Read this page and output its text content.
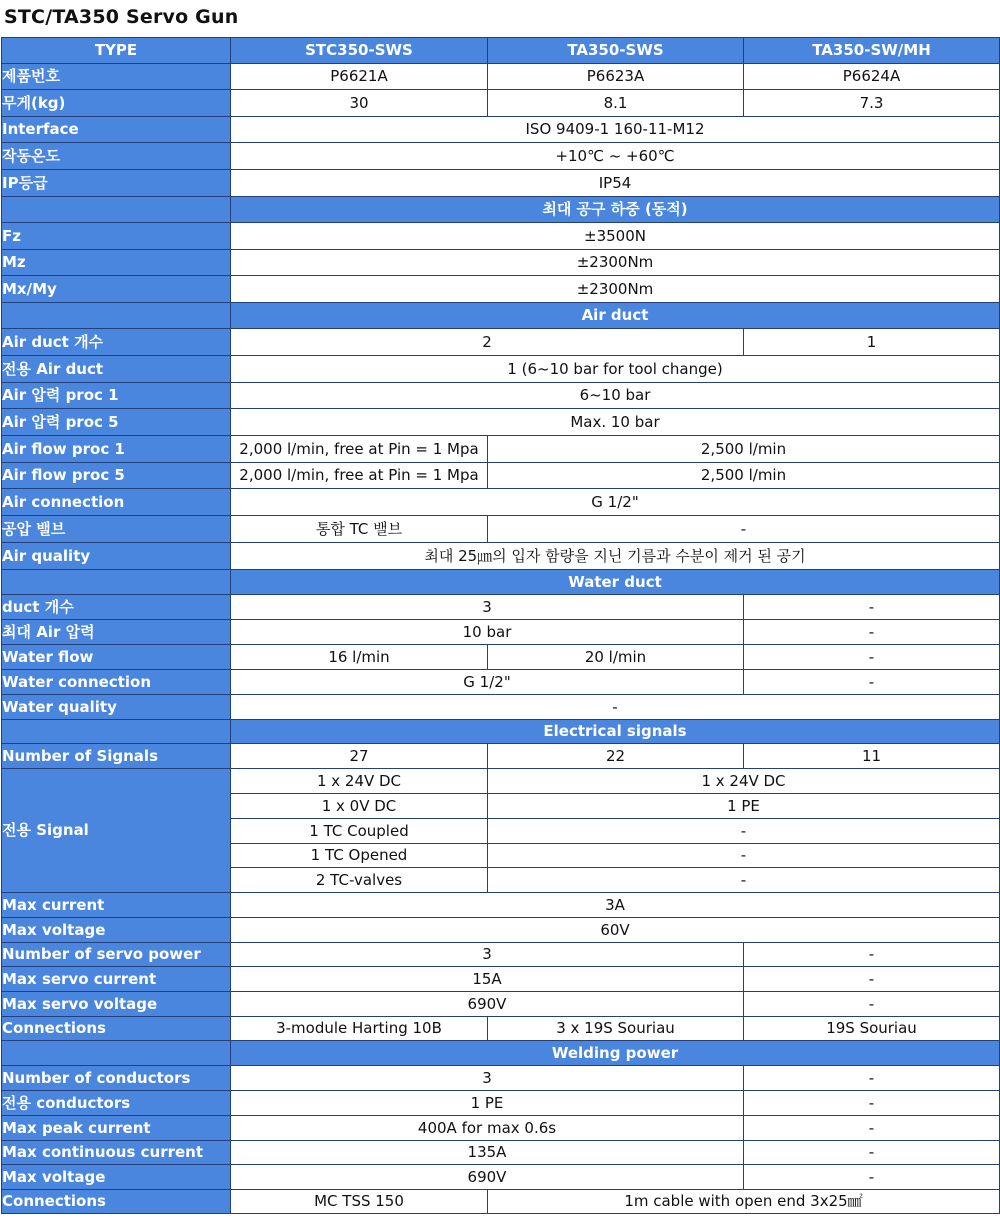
STC/TA350 Servo Gun
TYPE	STC350-SWS	TA350-SWS	TA350-SW/MH
제품번호	P6621A	P6623A	P6624A
무게(kg)	30	8.1	7.3
Interface	ISO 9409-1 160-11-M12		
작동온도	+10℃ ~ +60℃		
IP등급	IP54		
	최대 공구 하중 (동적)		
Fz	±3500N		
Mz	±2300Nm		
Mx/My	±2300Nm		
	Air duct		
Air duct 개수	2		1
전용 Air duct	1 (6~10 bar for tool change)		
Air 압력 proc 1	6~10 bar		
Air 압력 proc 5	Max. 10 bar		
Air flow proc 1	2,000 l/min, free at Pin = 1 Mpa	2,500 l/min	
Air flow proc 5	2,000 l/min, free at Pin = 1 Mpa	2,500 l/min	
Air connection	G 1/2"		
공압 밸브	통합 TC 밸브	-	
Air quality	최대 25㎛의 입자 함량을 지닌 기름과 수분이 제거 된 공기		
	Water duct		
duct 개수	3		-
최대 Air 압력	10 bar		-
Water flow	16 l/min	20 l/min	-
Water connection	G 1/2"		-
Water quality	-		
	Electrical signals		
Number of Signals	27	22	11
전용 Signal	1 x 24V DC	1 x 24V DC	
	1 x 0V DC	1 PE	
	1 TC Coupled	-	
	1 TC Opened	-	
	2 TC-valves	-	
Max current	3A		
Max voltage	60V		
Number of servo power	3		-
Max servo current	15A		-
Max servo voltage	690V		-
Connections	3-module Harting 10B	3 x 19S Souriau	19S Souriau
	Welding power		
Number of conductors	3		-
전용 conductors	1 PE		-
Max peak current	400A for max 0.6s		-
Max continuous current	135A		-
Max voltage	690V		-
Connections	MC TSS 150	1m cable with open end 3x25㎟	
